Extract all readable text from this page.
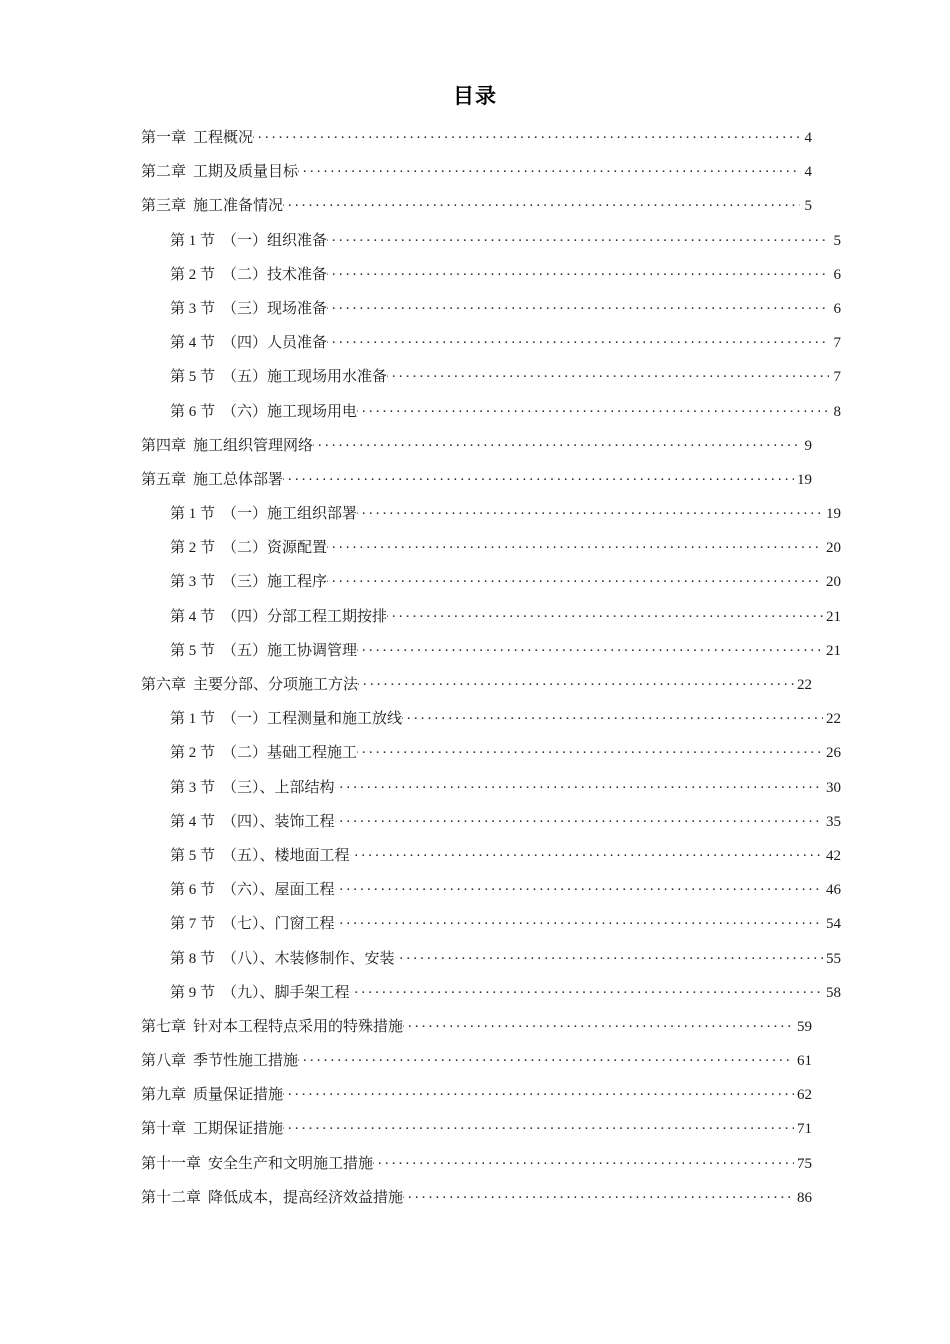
目录
第一章 工程概况 . . .	4
第二章 工期及质量目标 . . .	4
第三章 施工准备情况 . . .	5
第 1 节 （一）组织准备 . . .	5
第 2 节 （二）技术准备 . . .	6
第 3 节 （三）现场准备 . . .	6
第 4 节 （四）人员准备 . . .	7
第 5 节 （五）施工现场用水准备 . . .	7
第 6 节 （六）施工现场用电 . . .	8
第四章 施工组织管理网络 . . .	9
第五章 施工总体部署 . . .	19
第 1 节 （一）施工组织部署 . . .	19
第 2 节 （二）资源配置 . . .	20
第 3 节 （三）施工程序 . . .	20
第 4 节 （四）分部工程工期按排 . . .	21
第 5 节 （五）施工协调管理 . . .	21
第六章 主要分部、分项施工方法 . . .	22
第 1 节 （一）工程测量和施工放线 . . .	22
第 2 节 （二）基础工程施工 . . .	26
第 3 节 （三）、上部结构 . . .	30
第 4 节 （四）、装饰工程 . . .	35
第 5 节 （五）、楼地面工程 . . .	42
第 6 节 （六）、屋面工程 . . .	46
第 7 节 （七）、门窗工程 . . .	54
第 8 节 （八）、木装修制作、安装 . . .	55
第 9 节 （九）、脚手架工程 . . .	58
第七章 针对本工程特点采用的特殊措施 . . .	59
第八章 季节性施工措施 . . .	61
第九章 质量保证措施 . . .	62
第十章 工期保证措施 . . .	71
第十一章 安全生产和文明施工措施 . . .	75
第十二章 降低成本，提高经济效益措施 . . .	86
